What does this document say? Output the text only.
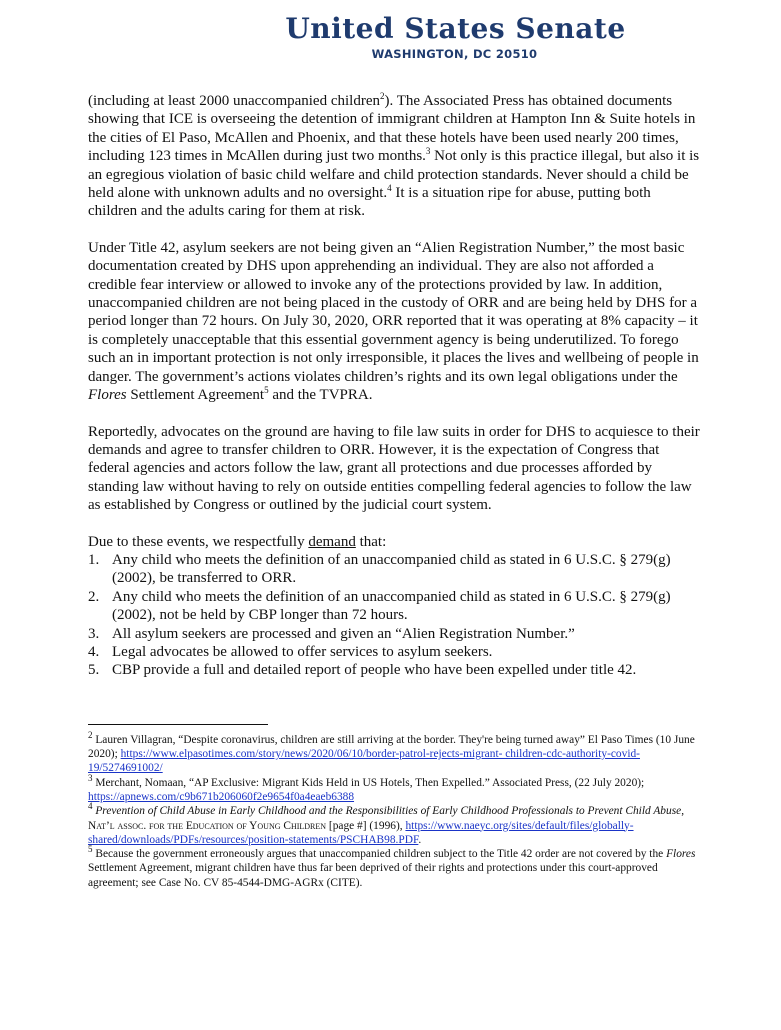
United States Senate
WASHINGTON, DC 20510

(including at least 2000 unaccompanied children$^2$). The Associated Press has obtained documents showing that ICE is overseeing the detention of immigrant children at Hampton Inn & Suite hotels in the cities of El Paso, McAllen and Phoenix, and that these hotels have been used nearly 200 times, including 123 times in McAllen during just two months.$^3$ Not only is this practice illegal, but also it is an egregious violation of basic child welfare and child protection standards. Never should a child be held alone with unknown adults and no oversight.$^4$ It is a situation ripe for abuse, putting both children and the adults caring for them at risk.

Under Title 42, asylum seekers are not being given an “Alien Registration Number,” the most basic documentation created by DHS upon apprehending an individual. They are also not afforded a credible fear interview or allowed to invoke any of the protections provided by law. In addition, unaccompanied children are not being placed in the custody of ORR and are being held by DHS for a period longer than 72 hours. On July 30, 2020, ORR reported that it was operating at 8% capacity – it is completely unacceptable that this essential government agency is being underutilized. To forego such an in important protection is not only irresponsible, it places the lives and wellbeing of people in danger. The government’s actions violates children’s rights and its own legal obligations under the Flores Settlement Agreement$^5$ and the TVPRA.

Reportedly, advocates on the ground are having to file law suits in order for DHS to acquiesce to their demands and agree to transfer children to ORR. However, it is the expectation of Congress that federal agencies and actors follow the law, grant all protections and due processes afforded by standing law without having to rely on outside entities compelling federal agencies to follow the law as established by Congress or outlined by the judicial court system.

Due to these events, we respectfully demand that:
1. Any child who meets the definition of an unaccompanied child as stated in 6 U.S.C. § 279(g) (2002), be transferred to ORR.
2. Any child who meets the definition of an unaccompanied child as stated in 6 U.S.C. § 279(g) (2002), not be held by CBP longer than 72 hours.
3. All asylum seekers are processed and given an “Alien Registration Number.”
4. Legal advocates be allowed to offer services to asylum seekers.
5. CBP provide a full and detailed report of people who have been expelled under title 42.

$^2$ Lauren Villagran, “Despite coronavirus, children are still arriving at the border. They're being turned away” El Paso Times (10 June 2020); https://www.elpasotimes.com/story/news/2020/06/10/border-patrol-rejects-migrant- children-cdc-authority-covid-19/5274691002/

$^3$ Merchant, Nomaan, “AP Exclusive: Migrant Kids Held in US Hotels, Then Expelled.” Associated Press, (22 July 2020); https://apnews.com/c9b671b206060f2e9654f0a4eaeb6388

$^4$ Prevention of Child Abuse in Early Childhood and the Responsibilities of Early Childhood Professionals to Prevent Child Abuse, Nat’l assoc. for the Education of Young Children [page #] (1996), https://www.naeyc.org/sites/default/files/globally-shared/downloads/PDFs/resources/position-statements/PSCHAB98.PDF.

$^5$ Because the government erroneously argues that unaccompanied children subject to the Title 42 order are not covered by the Flores Settlement Agreement, migrant children have thus far been deprived of their rights and protections under this court-approved agreement; see Case No. CV 85-4544-DMG-AGRx (CITE).
